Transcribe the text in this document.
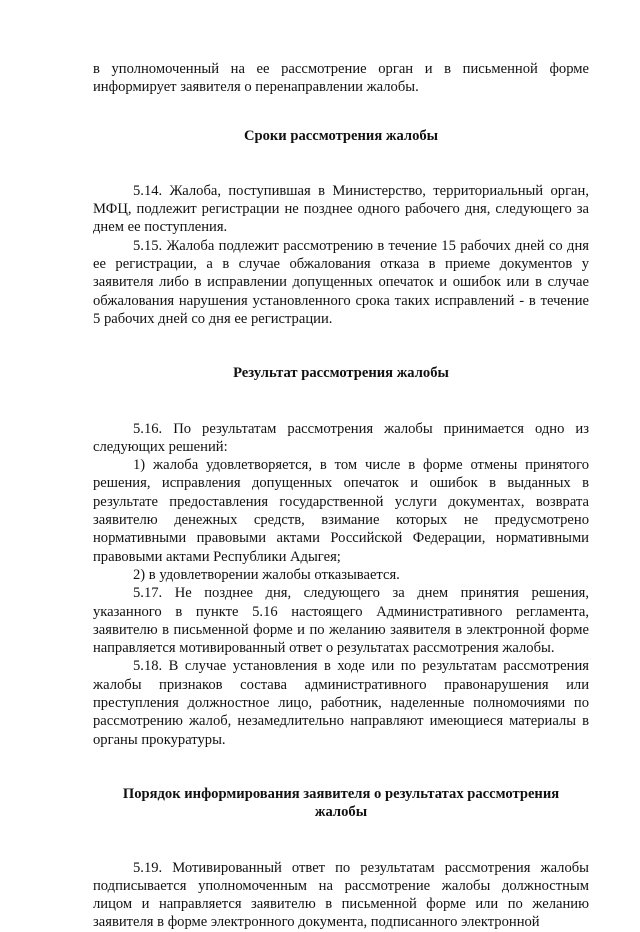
в уполномоченный на ее рассмотрение орган и в письменной форме информирует заявителя о перенаправлении жалобы.

Сроки рассмотрения жалобы

5.14. Жалоба, поступившая в Министерство, территориальный орган, МФЦ, подлежит регистрации не позднее одного рабочего дня, следующего за днем ее поступления.

5.15. Жалоба подлежит рассмотрению в течение 15 рабочих дней со дня ее регистрации, а в случае обжалования отказа в приеме документов у заявителя либо в исправлении допущенных опечаток и ошибок или в случае обжалования нарушения установленного срока таких исправлений - в течение 5 рабочих дней со дня ее регистрации.

Результат рассмотрения жалобы

5.16. По результатам рассмотрения жалобы принимается одно из следующих решений:

1) жалоба удовлетворяется, в том числе в форме отмены принятого решения, исправления допущенных опечаток и ошибок в выданных в результате предоставления государственной услуги документах, возврата заявителю денежных средств, взимание которых не предусмотрено нормативными правовыми актами Российской Федерации, нормативными правовыми актами Республики Адыгея;

2) в удовлетворении жалобы отказывается.

5.17. Не позднее дня, следующего за днем принятия решения, указанного в пункте 5.16 настоящего Административного регламента, заявителю в письменной форме и по желанию заявителя в электронной форме направляется мотивированный ответ о результатах рассмотрения жалобы.

5.18. В случае установления в ходе или по результатам рассмотрения жалобы признаков состава административного правонарушения или преступления должностное лицо, работник, наделенные полномочиями по рассмотрению жалоб, незамедлительно направляют имеющиеся материалы в органы прокуратуры.

Порядок информирования заявителя о результатах рассмотрения жалобы

5.19. Мотивированный ответ по результатам рассмотрения жалобы подписывается уполномоченным на рассмотрение жалобы должностным лицом и направляется заявителю в письменной форме или по желанию заявителя в форме электронного документа, подписанного электронной
